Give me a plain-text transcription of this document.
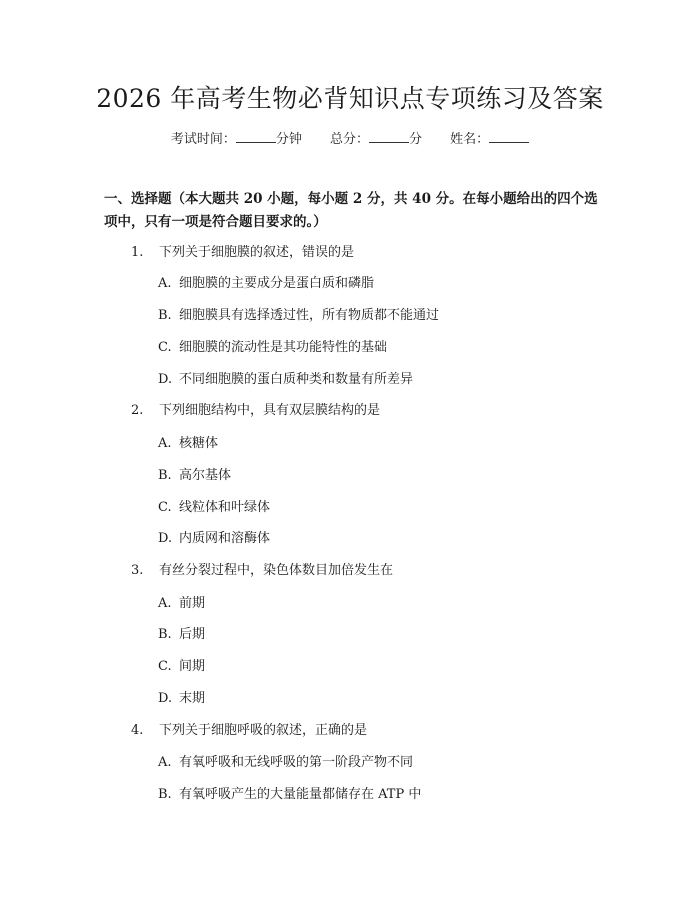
2026 年高考生物必背知识点专项练习及答案
考试时间：	分钟 总分：	分 姓名：
一、选择题（本大题共 20 小题，每小题 2 分，共 40 分。在每小题给出的四个选项中，只有一项是符合题目要求的。）
1. 下列关于细胞膜的叙述，错误的是
A. 细胞膜的主要成分是蛋白质和磷脂
B. 细胞膜具有选择透过性，所有物质都不能通过
C. 细胞膜的流动性是其功能特性的基础
D. 不同细胞膜的蛋白质种类和数量有所差异
2. 下列细胞结构中，具有双层膜结构的是
A. 核糖体
B. 高尔基体
C. 线粒体和叶绿体
D. 内质网和溶酶体
3. 有丝分裂过程中，染色体数目加倍发生在
A. 前期
B. 后期
C. 间期
D. 末期
4. 下列关于细胞呼吸的叙述，正确的是
A. 有氧呼吸和无线呼吸的第一阶段产物不同
B. 有氧呼吸产生的大量能量都储存在 ATP 中
